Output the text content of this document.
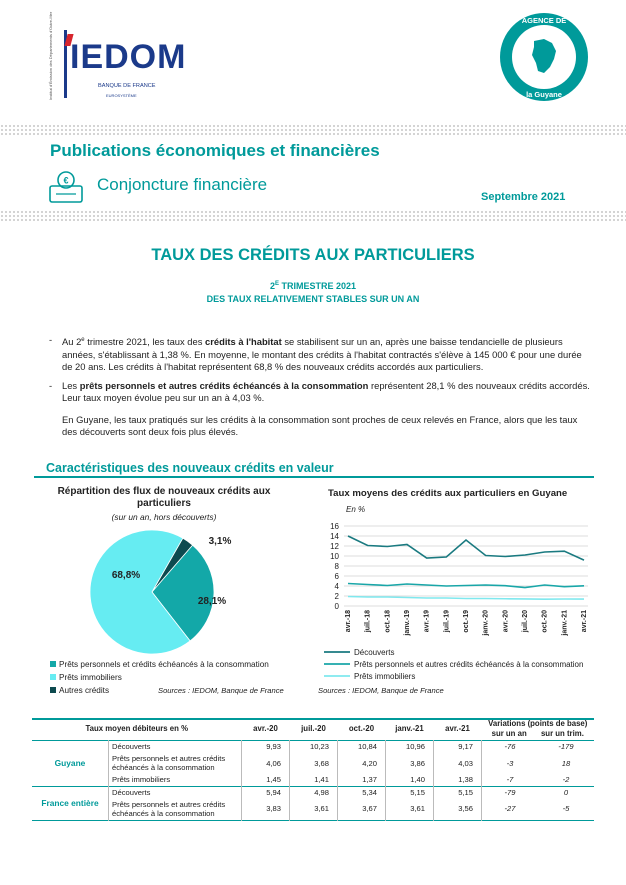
Institut d'Émission des Départements d'Outre-Mer IEDOM
BANQUE DE FRANCE
EUROSYSTÈME
AGENCE DE
la Guyane
Publications économiques et financières
€ Conjoncture financière
Septembre 2021
TAUX DES CRÉDITS AUX PARTICULIERS
$2^E$ TRIMESTRE 2021
DES TAUX RELATIVEMENT STABLES SUR UN AN
- Au 2e trimestre 2021, les taux des crédits à l'habitat se stabilisent sur un an, après une baisse tendancielle de plusieurs années, s'établissant à 1,38 %. En moyenne, le montant des crédits à l'habitat contractés s'élève à 145 000 € pour une durée de 20 ans. Les crédits à l'habitat représentent 68,8 % des nouveaux crédits accordés aux particuliers.
- Les prêts personnels et autres crédits échéancés à la consommation représentent 28,1 % des nouveaux crédits accordés. Leur taux moyen évolue peu sur un an à 4,03 %.
En Guyane, les taux pratiqués sur les crédits à la consommation sont proches de ceux relevés en France, alors que les taux des découverts sont deux fois plus élevés.
Caractéristiques des nouveaux crédits en valeur
Répartition des flux de nouveaux crédits aux particuliers
(sur un an, hors découverts)
3,1%
28,1%
68,8%
Prêts personnels et crédits échéancés à la consommation
Prêts immobiliers
Autres crédits	Sources : IEDOM, Banque de France
Taux moyens des crédits aux particuliers en Guyane
En %
0
2
4
6
8
10
12
14
16
avr.-18 juil.-18 oct.-18 janv.-19 avr.-19 juil.-19 oct.-19 janv.-20 avr.-20 juil.-20 oct.-20 janv.-21 avr.-21
Découverts
Prêts personnels et autres crédits échéancés à la consommation
Prêts immobiliers
Sources : IEDOM, Banque de France
Taux moyen débiteurs en %		avr.-20	juil.-20	oct.-20	janv.-21	avr.-21	Variations (points de base)
sur un an sur un trim.	

Guyane	Découverts	9,93	10,23	10,84	10,96	9,17	-76	-179
	Prêts personnels et autres crédits échéancés à la consommation	4,06	3,68	4,20	3,86	4,03	-3	18
	Prêts immobiliers	1,45	1,41	1,37	1,40	1,38	-7	-2
France entière	Découverts	5,94	4,98	5,34	5,15	5,15	-79	0
	Prêts personnels et autres crédits échéancés à la consommation	3,83	3,61	3,67	3,61	3,56	-27	-5
